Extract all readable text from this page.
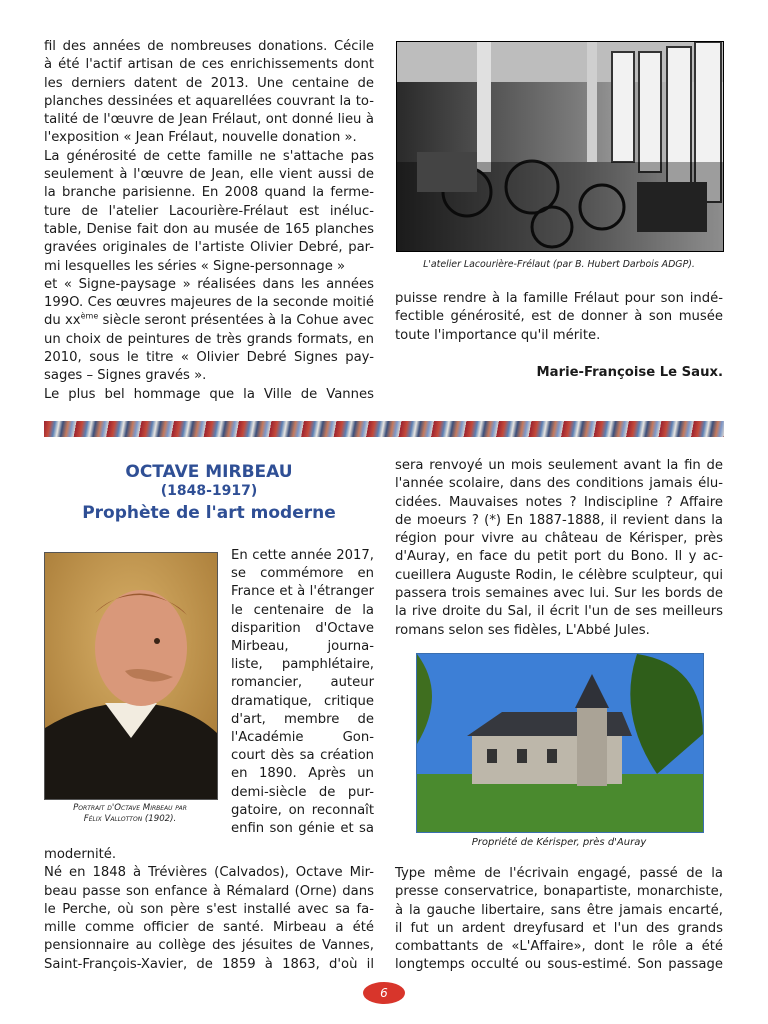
fil des années de nombreuses donations. Cécile
à été l'actif artisan de ces enrichissements dont
les derniers datent de 2013. Une centaine de
planches dessinées et aquarellées couvrant la to-
talité de l'œuvre de Jean Frélaut, ont donné lieu à
l'exposition « Jean Frélaut, nouvelle donation ».
La générosité de cette famille ne s'attache pas
seulement à l'œuvre de Jean, elle vient aussi de
la branche parisienne. En 2008 quand la ferme-
ture de l'atelier Lacourière-Frélaut est inéluc-
table, Denise fait don au musée de 165 planches
gravées originales de l'artiste Olivier Debré, par-
mi lesquelles les séries « Signe-personnage »
et « Signe-paysage » réalisées dans les années
199O. Ces œuvres majeures de la seconde moitié
du $xx^{ème}$ siècle seront présentées à la Cohue avec
un choix de peintures de très grands formats, en
2010, sous le titre « Olivier Debré Signes pay-
sages – Signes gravés ».
Le plus bel hommage que la Ville de Vannes
L'atelier Lacourière-Frélaut (par B. Hubert Darbois ADGP).
puisse rendre à la famille Frélaut pour son indé-
fectible générosité, est de donner à son musée
toute l'importance qu'il mérite.

Marie-Françoise Le Saux.

OCTAVE MIRBEAU
(1848-1917)
Prophète de l'art moderne
Portrait d'Octave Mirbeau par
Félix Vallotton (1902).
En cette année 2017,
se commémore en
France et à l'étranger
le centenaire de la
disparition d'Octave
Mirbeau, journa-
liste, pamphlétaire,
romancier, auteur
dramatique, critique
d'art, membre de
l'Académie Gon-
court dès sa création
en 1890. Après un
demi-siècle de pur-
gatoire, on reconnaît
enfin son génie et sa
modernité.
Né en 1848 à Trévières (Calvados), Octave Mir-
beau passe son enfance à Rémalard (Orne) dans
le Perche, où son père s'est installé avec sa fa-
mille comme officier de santé. Mirbeau a été
pensionnaire au collège des jésuites de Vannes,
Saint-François-Xavier, de 1859 à 1863, d'où il
sera renvoyé un mois seulement avant la fin de
l'année scolaire, dans des conditions jamais élu-
cidées. Mauvaises notes ? Indiscipline ? Affaire
de moeurs ? (*) En 1887-1888, il revient dans la
région pour vivre au château de Kérisper, près
d'Auray, en face du petit port du Bono. Il y ac-
cueillera Auguste Rodin, le célèbre sculpteur, qui
passera trois semaines avec lui. Sur les bords de
la rive droite du Sal, il écrit l'un de ses meilleurs
romans selon ses fidèles, L'Abbé Jules.
Propriété de Kérisper, près d'Auray
Type même de l'écrivain engagé, passé de la
presse conservatrice, bonapartiste, monarchiste,
à la gauche libertaire, sans être jamais encarté,
il fut un ardent dreyfusard et l'un des grands
combattants de «L'Affaire», dont le rôle a été
longtemps occulté ou sous-estimé. Son passage
6
